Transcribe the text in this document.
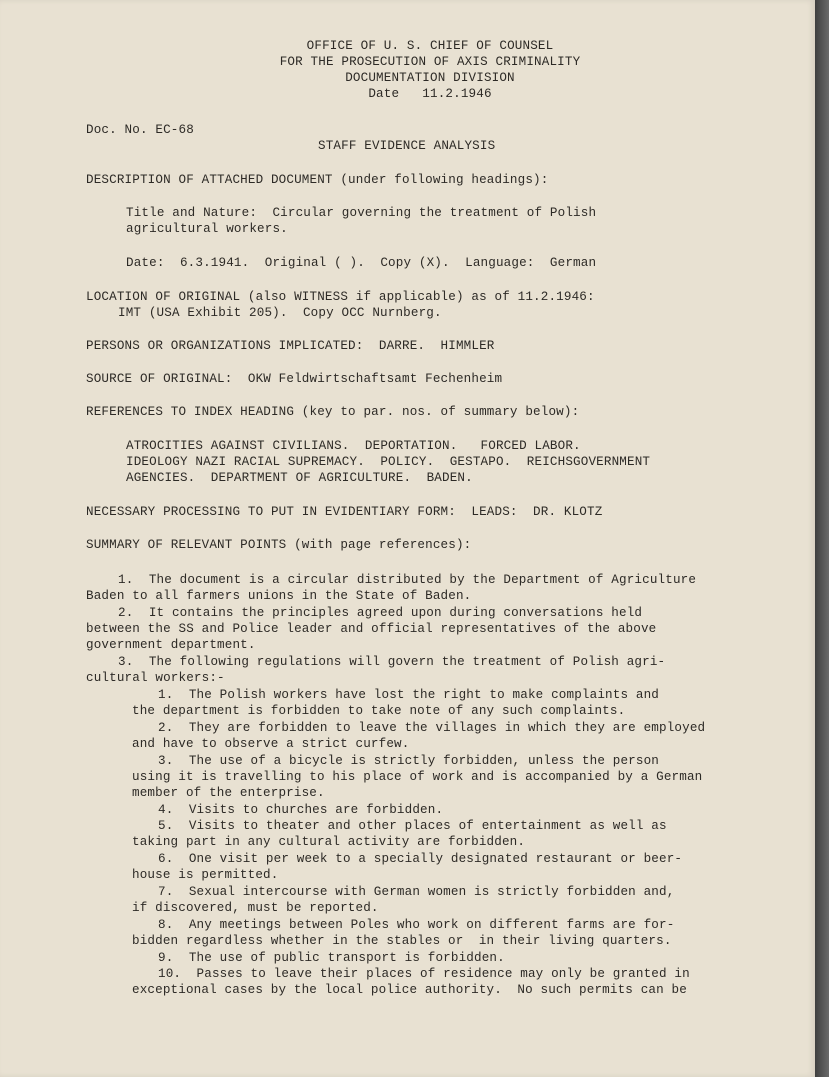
OFFICE OF U. S. CHIEF OF COUNSEL
FOR THE PROSECUTION OF AXIS CRIMINALITY
DOCUMENTATION DIVISION
Date   11.2.1946
Doc. No. EC-68
STAFF EVIDENCE ANALYSIS
DESCRIPTION OF ATTACHED DOCUMENT (under following headings):
Title and Nature:  Circular governing the treatment of Polish
agricultural workers.
Date:  6.3.1941.  Original ( ).  Copy (X).  Language:  German
LOCATION OF ORIGINAL (also WITNESS if applicable) as of 11.2.1946:
IMT (USA Exhibit 205).  Copy OCC Nurnberg.
PERSONS OR ORGANIZATIONS IMPLICATED:  DARRE.  HIMMLER
SOURCE OF ORIGINAL:  OKW Feldwirtschaftsamt Fechenheim
REFERENCES TO INDEX HEADING (key to par. nos. of summary below):
ATROCITIES AGAINST CIVILIANS.  DEPORTATION.   FORCED LABOR.
IDEOLOGY NAZI RACIAL SUPREMACY.  POLICY.  GESTAPO.  REICHSGOVERNMENT
AGENCIES.  DEPARTMENT OF AGRICULTURE.  BADEN.
NECESSARY PROCESSING TO PUT IN EVIDENTIARY FORM:  LEADS:  DR. KLOTZ
SUMMARY OF RELEVANT POINTS (with page references):
1.  The document is a circular distributed by the Department of Agriculture
Baden to all farmers unions in the State of Baden.
2.  It contains the principles agreed upon during conversations held
between the SS and Police leader and official representatives of the above
government department.
3.  The following regulations will govern the treatment of Polish agri-
cultural workers:-
1.  The Polish workers have lost the right to make complaints and
the department is forbidden to take note of any such complaints.
2.  They are forbidden to leave the villages in which they are employed
and have to observe a strict curfew.
3.  The use of a bicycle is strictly forbidden, unless the person
using it is travelling to his place of work and is accompanied by a German
member of the enterprise.
4.  Visits to churches are forbidden.
5.  Visits to theater and other places of entertainment as well as
taking part in any cultural activity are forbidden.
6.  One visit per week to a specially designated restaurant or beer-
house is permitted.
7.  Sexual intercourse with German women is strictly forbidden and,
if discovered, must be reported.
8.  Any meetings between Poles who work on different farms are for-
bidden regardless whether in the stables or  in their living quarters.
9.  The use of public transport is forbidden.
10.  Passes to leave their places of residence may only be granted in
exceptional cases by the local police authority.  No such permits can be
